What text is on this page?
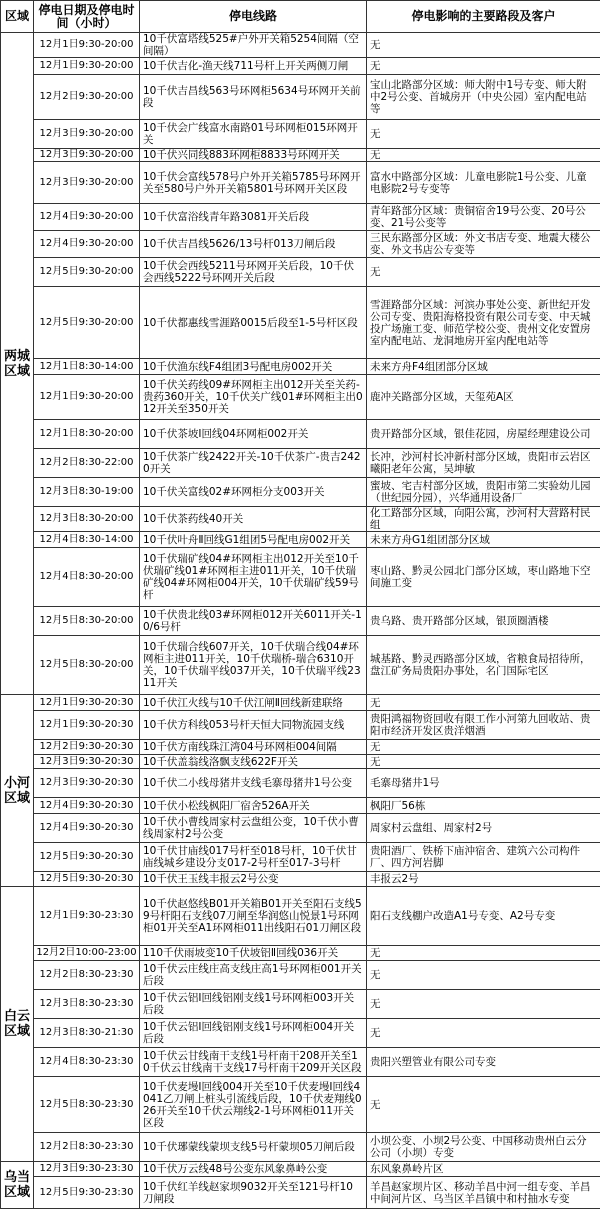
区域	停电日期及停电时间（小时）	停电线路	停电影响的主要路段及客户
两城区域	12月1日9:30-20:00	10千伏富塔线525#户外开关箱5254间隔（空间隔）	无
	12月1日9:30-20:00	10千伏吉化-渔天线711号杆上开关两侧刀闸	无
	12月2日9:30-20:00	10千伏吉昌线563号环网柜5634号环网开关前段	宝山北路部分区域：师大附中1号专变、师大附中2号公变、首城房开（中央公园）室内配电站等
	12月3日9:30-20:00	10千伏会广线富水南路01号环网柜015环网开关	无
	12月3日9:30-20:00	10千伏兴同线883环网柜8833号环网开关	无
	12月3日9:30-20:00	10千伏会富线578号户外开关箱5785号环网开关至580号户外开关箱5801号环网开关区段	富水中路部分区域：儿童电影院1号公变、儿童电影院2号专变等
	12月4日9:30-20:00	10千伏富浴线青年路3081开关后段	青年路部分区域：贵铜宿舍19号公变、20号公变、21号公变等
	12月4日9:30-20:00	10千伏吉昌线5626/13号杆013刀闸后段	三民东路部分区域：外文书店专变、地震大楼公变、外文书店公专变等
	12月5日9:30-20:00	10千伏会西线5211号环网开关后段，10千伏会西线5222号环网开关后段	无
	12月5日9:30-20:00	10千伏都惠线雪涯路0015后段至1-5号杆区段	雪涯路部分区域：河滨办事处公变、新世纪开发公司专变、贵阳海格投资有限公司专变、中天城投广场施工变、师范学校公变、贵州文化安置房室内配电站、龙洞地房开室内配电站等
	12月1日8:30-14:00	10千伏渔东线F4组团3号配电房002开关	未来方舟F4组团部分区域
	12月1日9:30-20:00	10千伏关药线09#环网柜主出012开关至关药-贵药360开关，10千伏关广线01#环网柜主出012开关至350开关	鹿冲关路部分区域，天玺苑A区
	12月1日8:30-20:00	10千伏茶坡Ⅰ回线04环网柜002开关	贵开路部分区域，银佳花园，房屋经理建设公司
	12月2日8:30-22:00	10千伏茶广线2422开关-10千伏茶广-贵吉2420开关	长冲，沙河村长冲新村部分区域，贵阳市云岩区曦阳老年公寓，吴坤敏
	12月3日8:30-19:00	10千伏关富线02#环网柜分支003开关	蜜坡、宅吉村部分区域，贵阳市第二实验幼儿园（世纪园分园），兴华通用设备厂
	12月3日8:30-20:00	10千伏茶药线40开关	化工路部分区域，向阳公寓，沙河村大营路村民组
	12月4日8:30-14:00	10千伏叶舟Ⅱ回线G1组团5号配电房002开关	未来方舟G1组团部分区域
	12月4日8:30-20:00	10千伏瑞矿线04#环网柜主出012开关至10千伏瑞矿线01#环网柜主进011开关，10千伏瑞矿线04#环网柜004开关，10千伏瑞矿线59号杆	枣山路、黔灵公园北门部分区域，枣山路地下空间施工变
	12月5日8:30-20:00	10千伏贵北线03#环网柜012开关6011开关-10/6号杆	贵乌路、贵开路部分区域，银顶圈酒楼
	12月5日8:30-20:00	10千伏瑞合线607开关，10千伏瑞合线04#环网柜主进011开关，10千伏瑞桥-瑞合6310开关，10千伏瑞平线037开关，10千伏瑞平线2311开关	城基路、黔灵西路部分区域，省粮食局招待所，盘江矿务局贵阳办事处，名门国际宅区
小河区域	12月1日9:30-20:30	10千伏江火线与10千伏江闸Ⅱ回线新建联络	无
	12月1日9:30-20:30	10千伏方科线053号杆天恒大同物流园支线	贵阳鸿福物资回收有限工作小河第九回收站、贵阳市经济开发区贵洋烟酒
	12月2日9:30-20:30	10千伏方南线珠江湾04号环网柜004间隔	无
	12月3日9:30-20:30	10千伏盖翁线洛飘支线622F开关	无
	12月3日9:30-20:30	10千伏二小线母猪井支线毛寨母猪井1号公变	毛寨母猪井1号
	12月4日9:30-20:30	10千伏小松线枫阳厂宿舍526A开关	枫阳厂56栋
	12月4日9:30-20:30	10千伏小曹线周家村云盘组公变，10千伏小曹线周家村2号公变	周家村云盘组、周家村2号
	12月5日9:30-20:30	10千伏甘庙线017号杆至018号杆，10千伏甘庙线城乡建设分支017-2号杆至017-3号杆	贵阳酒厂、铁桥下庙沖宿舍、建筑六公司构件厂、四方河岩脚
	12月5日9:30-20:30	10千伏王玉线丰报云2号公变	丰报云2号
白云区域	12月1日9:30-23:30	10千伏赵悠线B01开关箱B01开关至阳石支线59号杆阳石支线07刀闸至华润悠山悦景1号环网柜01开关至A1环网柜011出线阳石01刀闸区段	阳石支线棚户改造A1号专变、A2号专变
	12月2日10:00-23:00	110千伏雨坡变10千伏坡铝Ⅱ回线036开关	无
	12月2日8:30-23:30	10千伏云庄线庄高支线庄高1号环网柜001开关后段	无
	12月3日8:30-23:30	10千伏云铝Ⅰ回线铝刚支线1号环网柜003开关后段	无
	12月3日8:30-21:30	10千伏云铝Ⅰ回线铝刚支线1号环网柜004开关后段	无
	12月4日8:30-23:30	10千伏云甘线南干支线1号杆南干208开关至10千伏云甘线南干支线17号杆南干209开关区段	贵阳兴塑管业有限公司专变
	12月5日8:30-23:30	10千伏麦墁Ⅰ回线004开关至10千伏麦墁Ⅰ回线4041乙刀闸上桩头引流线后段，10千伏麦翔线026开关至10千伏云翔线2-1号环网柜011开关区段	无
	12月2日8:30-23:30	10千伏琊蒙线蒙坝支线5号杆蒙坝05刀闸后段	小坝公变、小坝2号公变、中国移动贵州白云分公司（小坝）专变
乌当区域	12月3日9:30-23:30	10千伏万云线48号公变东风象鼻岭公变	东风象鼻岭片区
	12月5日9:30-23:30	10千伏红羊线赵家坝9032开关至121号杆10刀闸段	羊昌赵家坝片区、移动羊昌中河一组专变、羊昌中间河片区、乌当区羊昌镇中和村抽水专变
